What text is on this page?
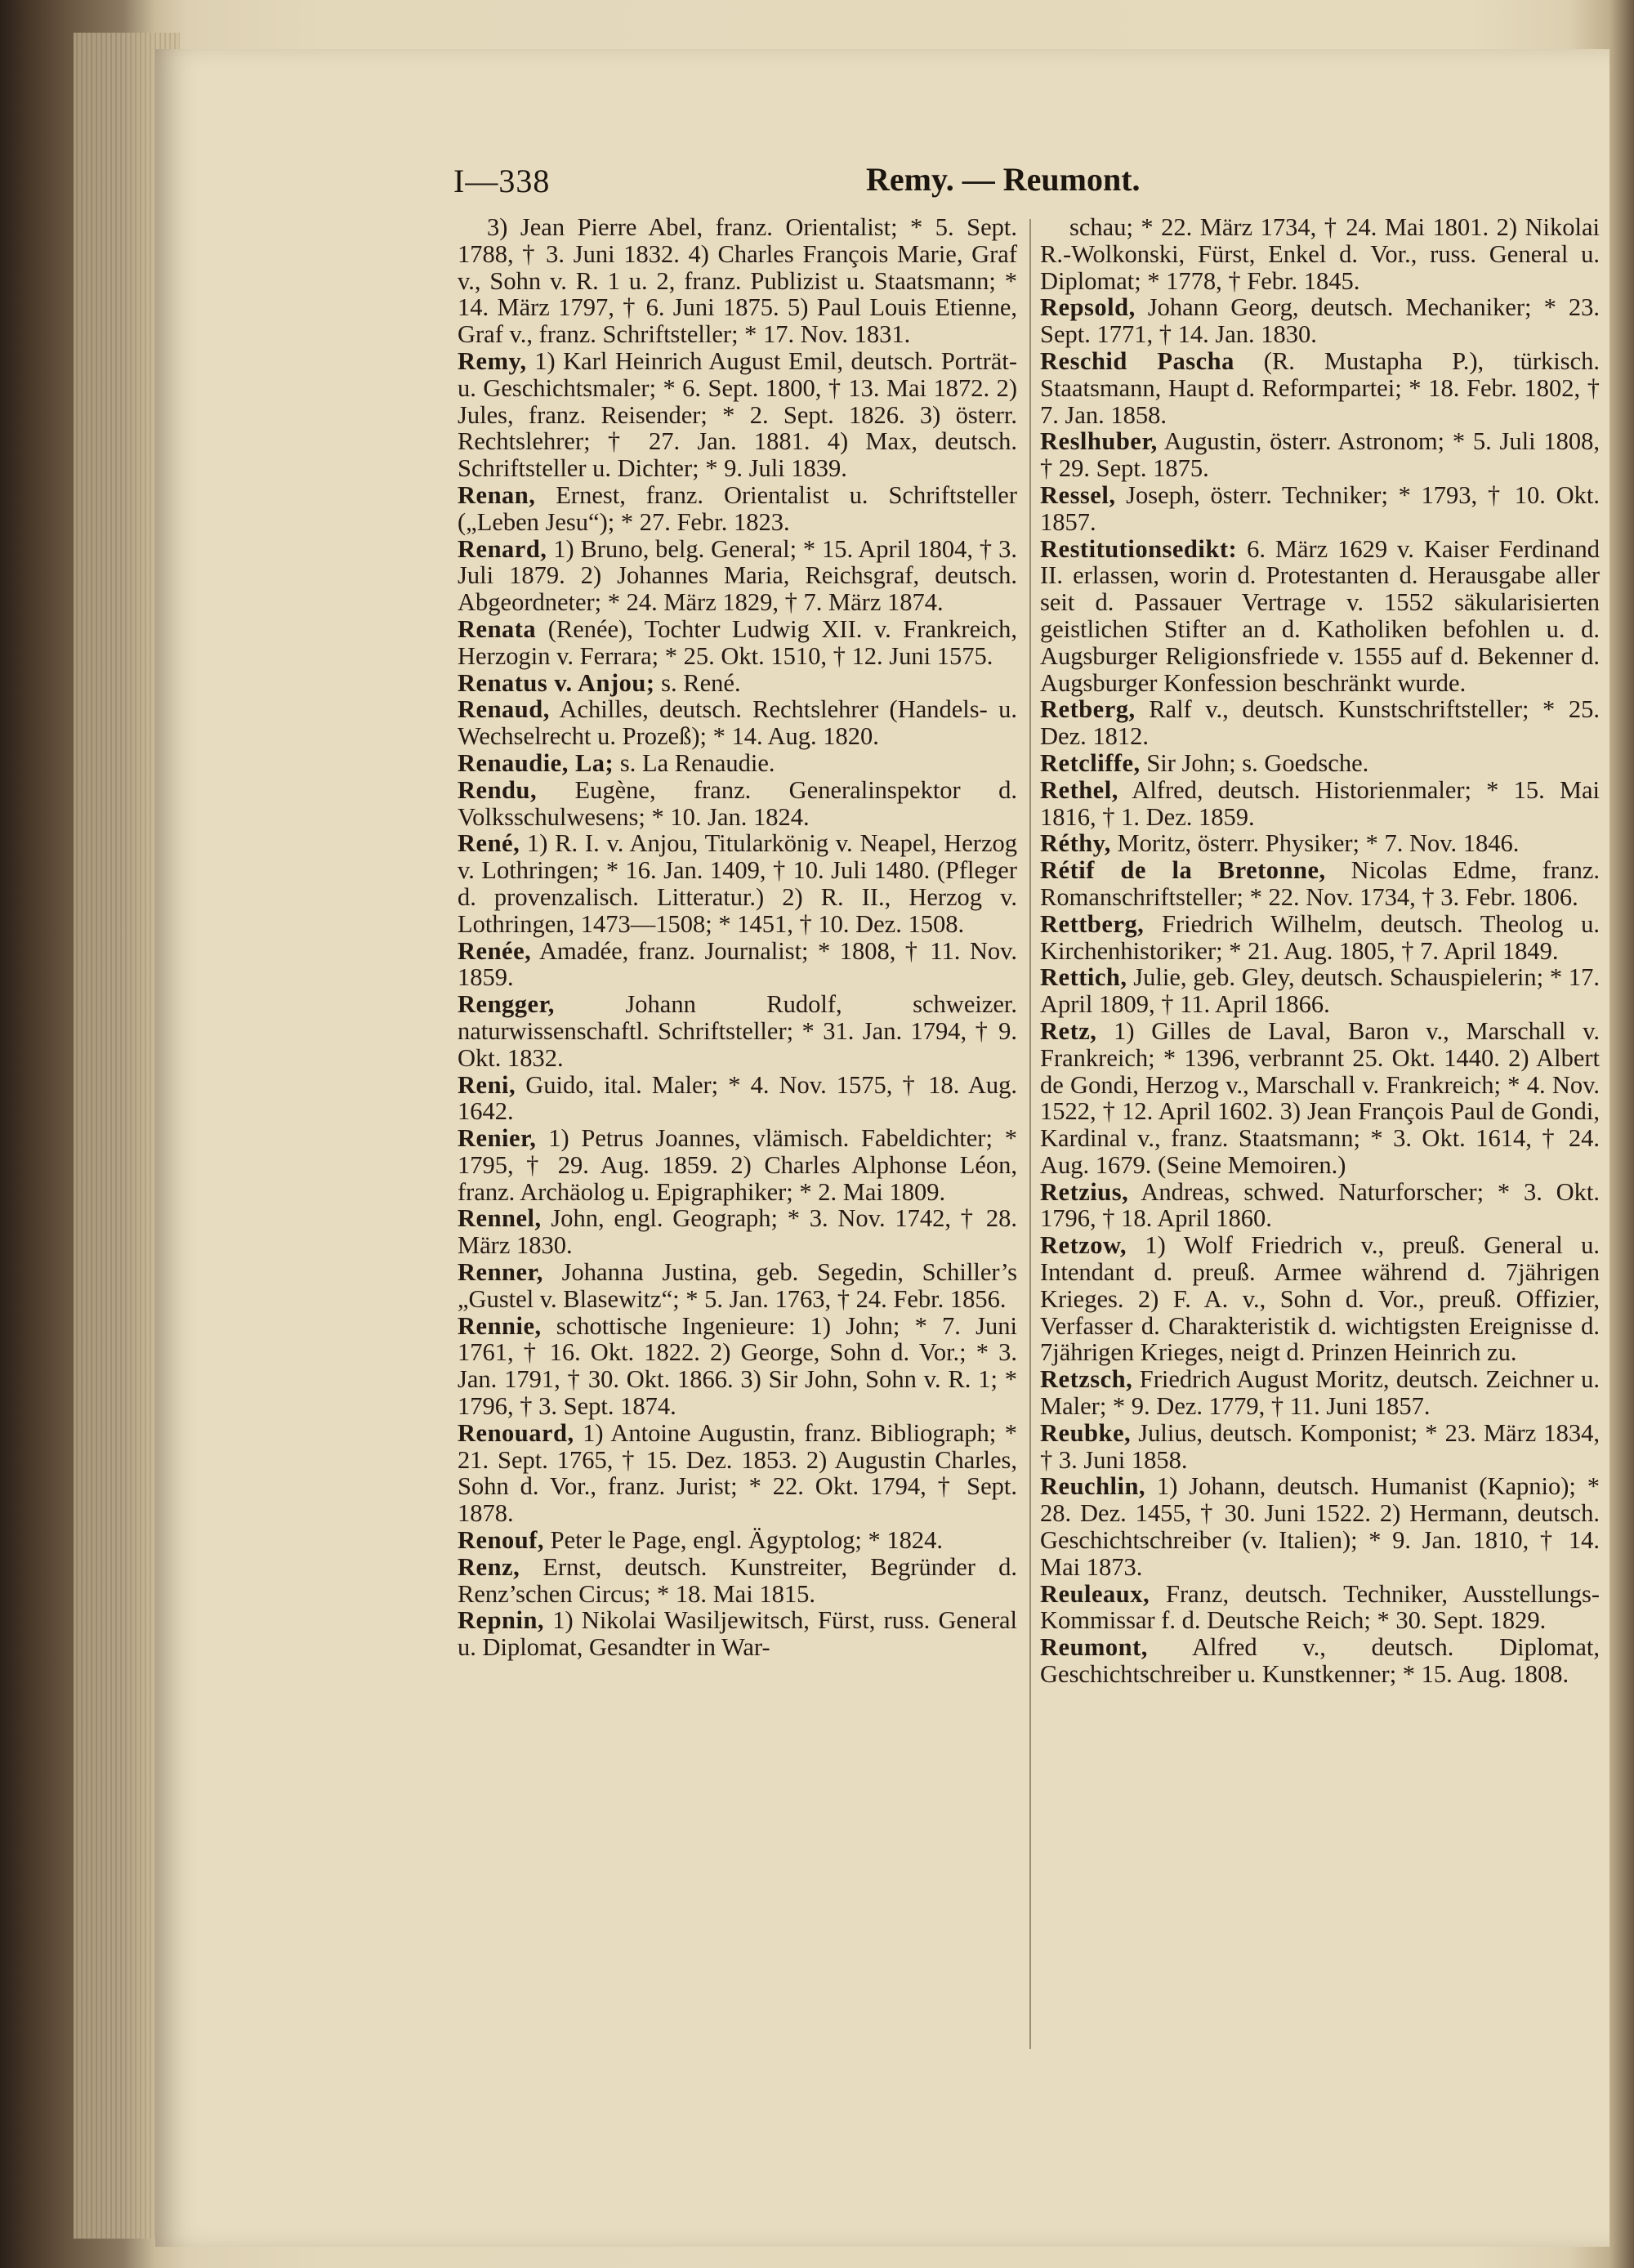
I—338	Remy. — Reumont.

3) Jean Pierre Abel, franz. Orientalist; * 5. Sept. 1788, † 3. Juni 1832. 4) Charles François Marie, Graf v., Sohn v. R. 1 u. 2, franz. Publizist u. Staatsmann; * 14. März 1797, † 6. Juni 1875. 5) Paul Louis Etienne, Graf v., franz. Schriftsteller; * 17. Nov. 1831.

Remy, 1) Karl Heinrich August Emil, deutsch. Porträt- u. Geschichtsmaler; * 6. Sept. 1800, † 13. Mai 1872. 2) Jules, franz. Reisender; * 2. Sept. 1826. 3) österr. Rechtslehrer; † 27. Jan. 1881. 4) Max, deutsch. Schriftsteller u. Dichter; * 9. Juli 1839.

Renan, Ernest, franz. Orientalist u. Schriftsteller („Leben Jesu“); * 27. Febr. 1823.

Renard, 1) Bruno, belg. General; * 15. April 1804, † 3. Juli 1879. 2) Johannes Maria, Reichsgraf, deutsch. Abgeordneter; * 24. März 1829, † 7. März 1874.

Renata (Renée), Tochter Ludwig XII. v. Frankreich, Herzogin v. Ferrara; * 25. Okt. 1510, † 12. Juni 1575.

Renatus v. Anjou; s. René.

Renaud, Achilles, deutsch. Rechtslehrer (Handels- u. Wechselrecht u. Prozeß); * 14. Aug. 1820.

Renaudie, La; s. La Renaudie.

Rendu, Eugène, franz. Generalinspektor d. Volksschulwesens; * 10. Jan. 1824.

René, 1) R. I. v. Anjou, Titularkönig v. Neapel, Herzog v. Lothringen; * 16. Jan. 1409, † 10. Juli 1480. (Pfleger d. provenzalisch. Litteratur.) 2) R. II., Herzog v. Lothringen, 1473—1508; * 1451, † 10. Dez. 1508.

Renée, Amadée, franz. Journalist; * 1808, † 11. Nov. 1859.

Rengger, Johann Rudolf, schweizer. naturwissenschaftl. Schriftsteller; * 31. Jan. 1794, † 9. Okt. 1832.

Reni, Guido, ital. Maler; * 4. Nov. 1575, † 18. Aug. 1642.

Renier, 1) Petrus Joannes, vlämisch. Fabeldichter; * 1795, † 29. Aug. 1859. 2) Charles Alphonse Léon, franz. Archäolog u. Epigraphiker; * 2. Mai 1809.

Rennel, John, engl. Geograph; * 3. Nov. 1742, † 28. März 1830.

Renner, Johanna Justina, geb. Segedin, Schiller’s „Gustel v. Blasewitz“; * 5. Jan. 1763, † 24. Febr. 1856.

Rennie, schottische Ingenieure: 1) John; * 7. Juni 1761, † 16. Okt. 1822. 2) George, Sohn d. Vor.; * 3. Jan. 1791, † 30. Okt. 1866. 3) Sir John, Sohn v. R. 1; * 1796, † 3. Sept. 1874.

Renouard, 1) Antoine Augustin, franz. Bibliograph; * 21. Sept. 1765, † 15. Dez. 1853. 2) Augustin Charles, Sohn d. Vor., franz. Jurist; * 22. Okt. 1794, † Sept. 1878.

Renouf, Peter le Page, engl. Ägyptolog; * 1824.

Renz, Ernst, deutsch. Kunstreiter, Begründer d. Renz’schen Circus; * 18. Mai 1815.

Repnin, 1) Nikolai Wasiljewitsch, Fürst, russ. General u. Diplomat, Gesandter in War-

schau; * 22. März 1734, † 24. Mai 1801. 2) Nikolai R.-Wolkonski, Fürst, Enkel d. Vor., russ. General u. Diplomat; * 1778, † Febr. 1845.

Repsold, Johann Georg, deutsch. Mechaniker; * 23. Sept. 1771, † 14. Jan. 1830.

Reschid Pascha (R. Mustapha P.), türkisch. Staatsmann, Haupt d. Reformpartei; * 18. Febr. 1802, † 7. Jan. 1858.

Reslhuber, Augustin, österr. Astronom; * 5. Juli 1808, † 29. Sept. 1875.

Ressel, Joseph, österr. Techniker; * 1793, † 10. Okt. 1857.

Restitutionsedikt: 6. März 1629 v. Kaiser Ferdinand II. erlassen, worin d. Protestanten d. Herausgabe aller seit d. Passauer Vertrage v. 1552 säkularisierten geistlichen Stifter an d. Katholiken befohlen u. d. Augsburger Religionsfriede v. 1555 auf d. Bekenner d. Augsburger Konfession beschränkt wurde.

Retberg, Ralf v., deutsch. Kunstschriftsteller; * 25. Dez. 1812.

Retcliffe, Sir John; s. Goedsche.

Rethel, Alfred, deutsch. Historienmaler; * 15. Mai 1816, † 1. Dez. 1859.

Réthy, Moritz, österr. Physiker; * 7. Nov. 1846.

Rétif de la Bretonne, Nicolas Edme, franz. Romanschriftsteller; * 22. Nov. 1734, † 3. Febr. 1806.

Rettberg, Friedrich Wilhelm, deutsch. Theolog u. Kirchenhistoriker; * 21. Aug. 1805, † 7. April 1849.

Rettich, Julie, geb. Gley, deutsch. Schauspielerin; * 17. April 1809, † 11. April 1866.

Retz, 1) Gilles de Laval, Baron v., Marschall v. Frankreich; * 1396, verbrannt 25. Okt. 1440. 2) Albert de Gondi, Herzog v., Marschall v. Frankreich; * 4. Nov. 1522, † 12. April 1602. 3) Jean François Paul de Gondi, Kardinal v., franz. Staatsmann; * 3. Okt. 1614, † 24. Aug. 1679. (Seine Memoiren.)

Retzius, Andreas, schwed. Naturforscher; * 3. Okt. 1796, † 18. April 1860.

Retzow, 1) Wolf Friedrich v., preuß. General u. Intendant d. preuß. Armee während d. 7jährigen Krieges. 2) F. A. v., Sohn d. Vor., preuß. Offizier, Verfasser d. Charakteristik d. wichtigsten Ereignisse d. 7jährigen Krieges, neigt d. Prinzen Heinrich zu.

Retzsch, Friedrich August Moritz, deutsch. Zeichner u. Maler; * 9. Dez. 1779, † 11. Juni 1857.

Reubke, Julius, deutsch. Komponist; * 23. März 1834, † 3. Juni 1858.

Reuchlin, 1) Johann, deutsch. Humanist (Kapnio); * 28. Dez. 1455, † 30. Juni 1522. 2) Hermann, deutsch. Geschichtschreiber (v. Italien); * 9. Jan. 1810, † 14. Mai 1873.

Reuleaux, Franz, deutsch. Techniker, Ausstellungs-Kommissar f. d. Deutsche Reich; * 30. Sept. 1829.

Reumont, Alfred v., deutsch. Diplomat, Geschichtschreiber u. Kunstkenner; * 15. Aug. 1808.
